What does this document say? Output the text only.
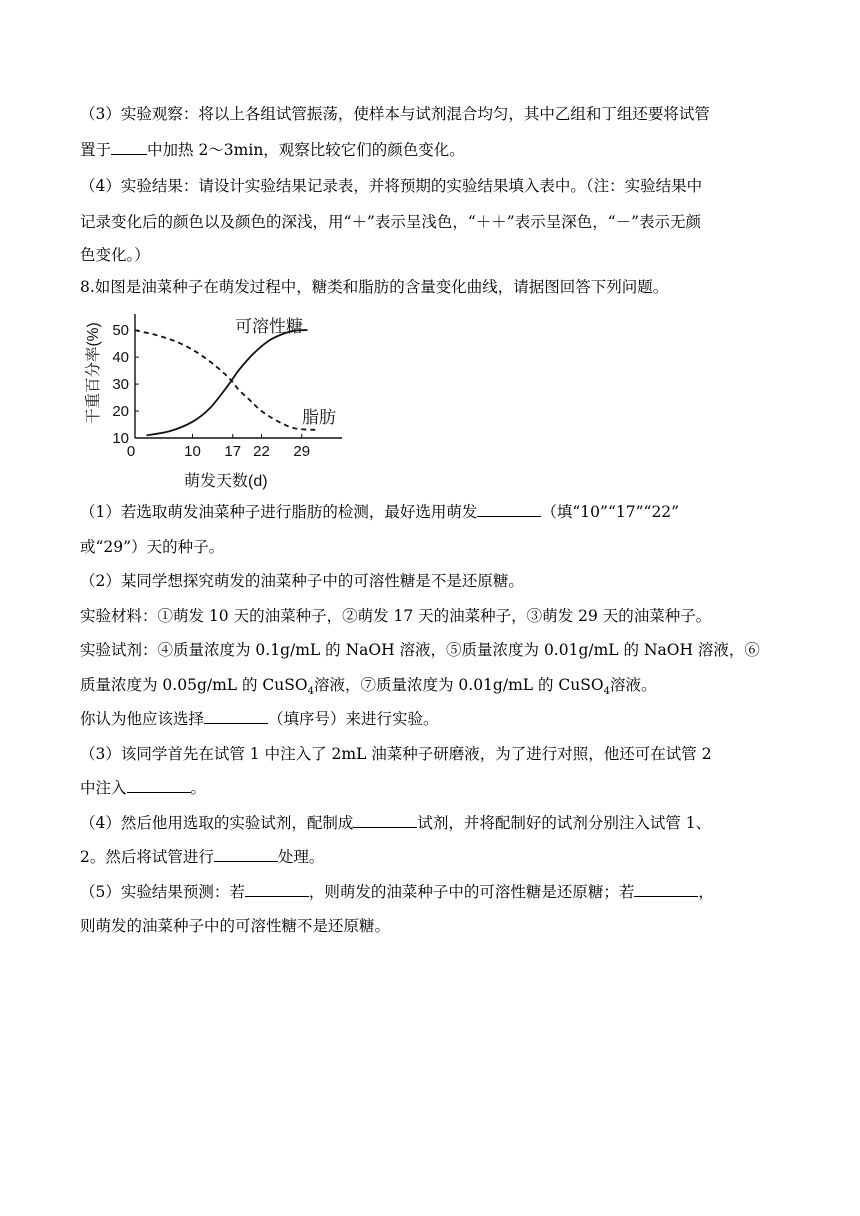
（3）实验观察：将以上各组试管振荡，使样本与试剂混合均匀，其中乙组和丁组还要将试管
置于 中加热 2～3min，观察比较它们的颜色变化。
（4）实验结果：请设计实验结果记录表，并将预期的实验结果填入表中。（注：实验结果中
记录变化后的颜色以及颜色的深浅，用“＋”表示呈浅色，“＋＋”表示呈深色，“－”表示无颜
色变化。）
8.如图是油菜种子在萌发过程中，糖类和脂肪的含量变化曲线，请据图回答下列问题。
10
20
30
40
50
0	10 17 22 29
可溶性糖
脂肪
干重百分率(%)
萌发天数(d)
（1）若选取萌发油菜种子进行脂肪的检测，最好选用萌发	（填“10”“17”“22”
或“29”）天的种子。
（2）某同学想探究萌发的油菜种子中的可溶性糖是不是还原糖。
实验材料：①萌发 10 天的油菜种子，②萌发 17 天的油菜种子，③萌发 29 天的油菜种子。
实验试剂：④质量浓度为 0.1g/mL 的 NaOH 溶液，⑤质量浓度为 0.01g/mL 的 NaOH 溶液，⑥
质量浓度为 0.05g/mL 的 CuSO$_4$溶液，⑦质量浓度为 0.01g/mL 的 CuSO$_4$溶液。
你认为他应该选择	（填序号）来进行实验。
（3）该同学首先在试管 1 中注入了 2mL 油菜种子研磨液，为了进行对照，他还可在试管 2
中注入	。
（4）然后他用选取的实验试剂，配制成	试剂，并将配制好的试剂分别注入试管 1、
2。然后将试管进行	处理。
（5）实验结果预测：若	，则萌发的油菜种子中的可溶性糖是还原糖；若	，
则萌发的油菜种子中的可溶性糖不是还原糖。
